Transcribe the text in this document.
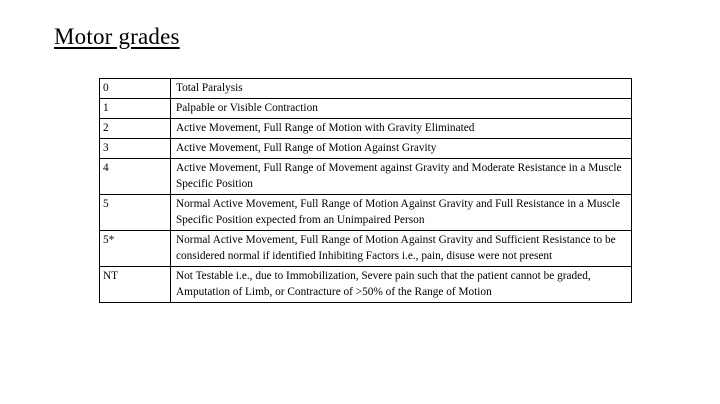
Motor grades
0	Total Paralysis
1	Palpable or Visible Contraction
2	Active Movement, Full Range of Motion with Gravity Eliminated
3	Active Movement, Full Range of Motion Against Gravity
4	Active Movement, Full Range of Movement against Gravity and Moderate Resistance in a Muscle Specific Position
5	Normal Active Movement, Full Range of Motion Against Gravity and Full Resistance in a Muscle Specific Position expected from an Unimpaired Person
5*	Normal Active Movement, Full Range of Motion Against Gravity and Sufficient Resistance to be considered normal if identified Inhibiting Factors i.e., pain, disuse were not present
NT	Not Testable i.e., due to Immobilization, Severe pain such that the patient cannot be graded, Amputation of Limb, or Contracture of >50% of the Range of Motion
